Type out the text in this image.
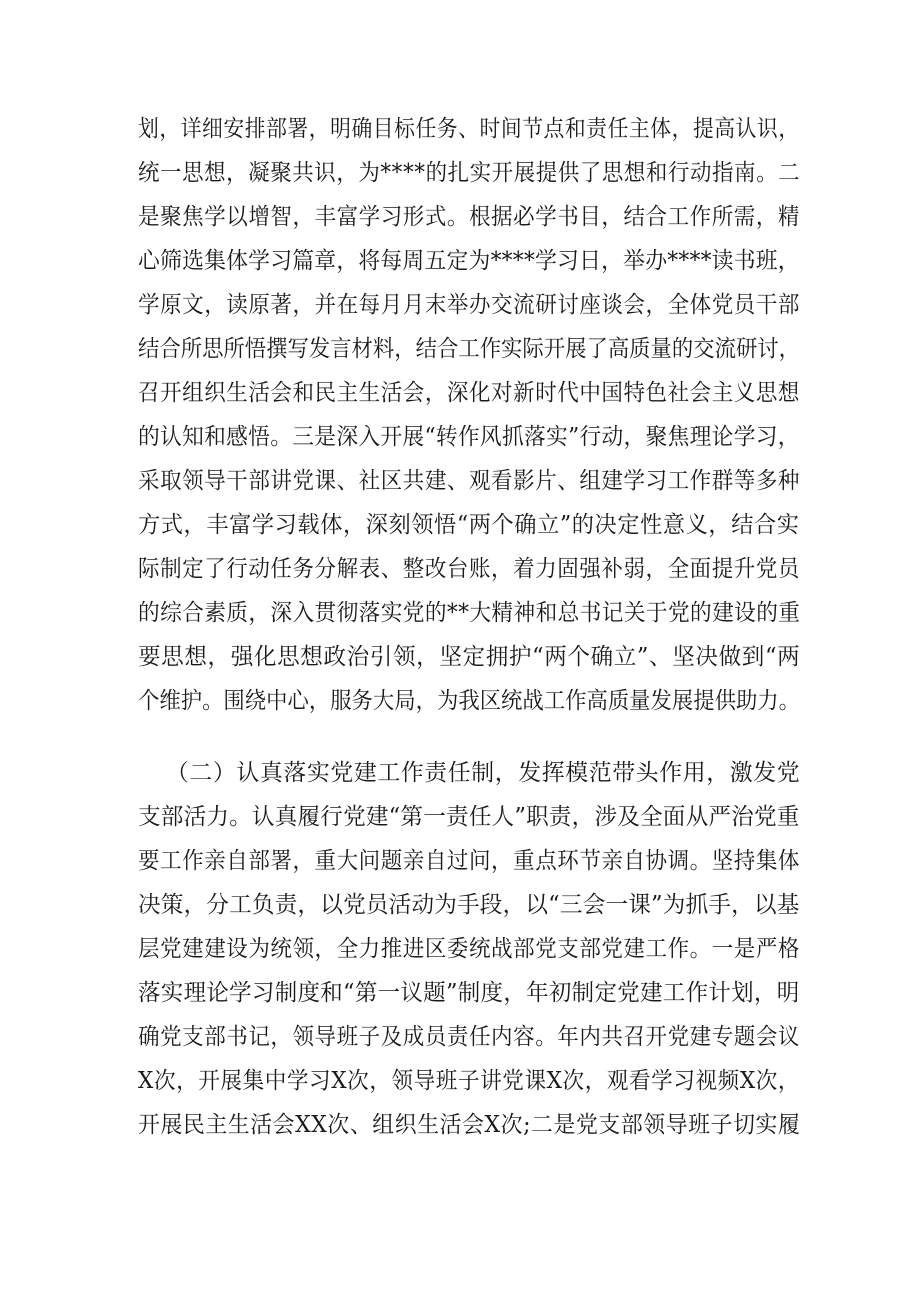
划，详细安排部署，明确目标任务、时间节点和责任主体，提高认识，
统一思想，凝聚共识，为****的扎实开展提供了思想和行动指南。二
是聚焦学以增智，丰富学习形式。根据必学书目，结合工作所需，精
心筛选集体学习篇章，将每周五定为****学习日，举办****读书班，
学原文，读原著，并在每月月末举办交流研讨座谈会，全体党员干部
结合所思所悟撰写发言材料，结合工作实际开展了高质量的交流研讨，
召开组织生活会和民主生活会，深化对新时代中国特色社会主义思想
的认知和感悟。三是深入开展“转作风抓落实”行动，聚焦理论学习，
采取领导干部讲党课、社区共建、观看影片、组建学习工作群等多种
方式，丰富学习载体，深刻领悟“两个确立”的决定性意义，结合实
际制定了行动任务分解表、整改台账，着力固强补弱，全面提升党员
的综合素质，深入贯彻落实党的**大精神和总书记关于党的建设的重
要思想，强化思想政治引领，坚定拥护“两个确立”、坚决做到“两
个维护。围绕中心，服务大局，为我区统战工作高质量发展提供助力。
（二）认真落实党建工作责任制，发挥模范带头作用，激发党
支部活力。认真履行党建“第一责任人”职责，涉及全面从严治党重
要工作亲自部署，重大问题亲自过问，重点环节亲自协调。坚持集体
决策，分工负责，以党员活动为手段，以“三会一课”为抓手，以基
层党建建设为统领，全力推进区委统战部党支部党建工作。一是严格
落实理论学习制度和“第一议题”制度，年初制定党建工作计划，明
确党支部书记，领导班子及成员责任内容。年内共召开党建专题会议
X次，开展集中学习X次，领导班子讲党课X次，观看学习视频X次，
开展民主生活会XX次、组织生活会X次;二是党支部领导班子切实履
